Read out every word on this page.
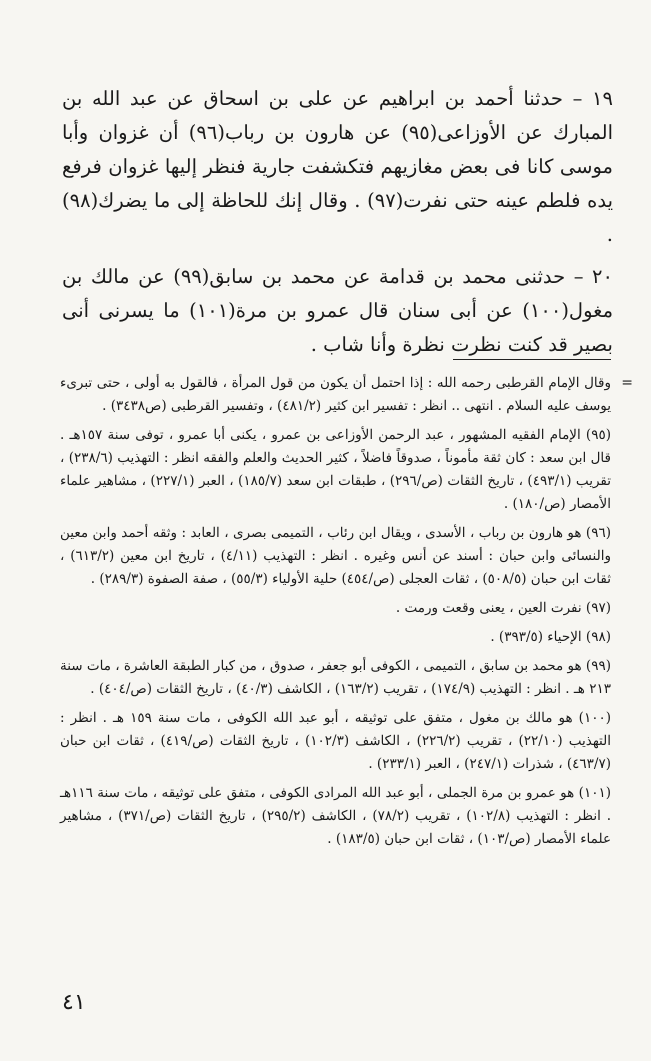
١٩ – حدثنا أحمد بن ابراهيم عن على بن اسحاق عن عبد الله بن المبارك عن الأوزاعى(٩٥) عن هارون بن رباب(٩٦) أن غزوان وأبا موسى كانا فى بعض مغازيهم فتكشفت جارية فنظر إليها غزوان فرفع يده فلطم عينه حتى نفرت(٩٧) . وقال إنك للحاظة إلى ما يضرك(٩٨) .

٢٠ – حدثنى محمد بن قدامة عن محمد بن سابق(٩٩) عن مالك بن مغول(١٠٠) عن أبى سنان قال عمرو بن مرة(١٠١) ما يسرنى أنى بصير قد كنت نظرت نظرة وأنا شاب .

=
وقال الإمام القرطبى رحمه الله : إذا احتمل أن يكون من قول المرأة ، فالقول به أولى ، حتى تبرىء يوسف عليه السلام . انتهى .. انظر : تفسير ابن كثير (٤٨١/٢) ، وتفسير القرطبى (ص٣٤٣٨) .

(٩٥) الإمام الفقيه المشهور ، عبد الرحمن الأوزاعى بن عمرو ، يكنى أبا عمرو ، توفى سنة ١٥٧هـ . قال ابن سعد : كان ثقة مأموناً ، صدوقاً فاضلاً ، كثير الحديث والعلم والفقه انظر : التهذيب (٢٣٨/٦) ، تقريب (٤٩٣/١) ، تاريخ الثقات (ص/٢٩٦) ، طبقات ابن سعد (١٨٥/٧) ، العبر (٢٢٧/١) ، مشاهير علماء الأمصار (ص/١٨٠) .

(٩٦) هو هارون بن رباب ، الأسدى ، ويقال ابن رئاب ، التميمى بصرى ، العابد : وثقه أحمد وابن معين والنسائى وابن حبان : أسند عن أنس وغيره . انظر : التهذيب (٤/١١) ، تاريخ ابن معين (٦١٣/٢) ، ثقات ابن حبان (٥٠٨/٥) ، ثقات العجلى (ص/٤٥٤) حلية الأولياء (٥٥/٣) ، صفة الصفوة (٢٨٩/٣) .

(٩٧) نفرت العين ، يعنى وقعت ورمت .

(٩٨) الإحياء (٣٩٣/٥) .

(٩٩) هو محمد بن سابق ، التميمى ، الكوفى أبو جعفر ، صدوق ، من كبار الطبقة العاشرة ، مات سنة ٢١٣ هـ . انظر : التهذيب (١٧٤/٩) ، تقريب (١٦٣/٢) ، الكاشف (٤٠/٣) ، تاريخ الثقات (ص/٤٠٤) .

(١٠٠) هو مالك بن مغول ، متفق على توثيقه ، أبو عبد الله الكوفى ، مات سنة ١٥٩ هـ . انظر : التهذيب (٢٢/١٠) ، تقريب (٢٢٦/٢) ، الكاشف (١٠٢/٣) ، تاريخ الثقات (ص/٤١٩) ، ثقات ابن حبان (٤٦٣/٧) ، شذرات (٢٤٧/١) ، العبر (٢٣٣/١) .

(١٠١) هو عمرو بن مرة الجملى ، أبو عبد الله المرادى الكوفى ، متفق على توثيقه ، مات سنة ١١٦هـ . انظر : التهذيب (١٠٢/٨) ، تقريب (٧٨/٢) ، الكاشف (٢٩٥/٢) ، تاريخ الثقات (ص/٣٧١) ، مشاهير علماء الأمصار (ص/١٠٣) ، ثقات ابن حبان (١٨٣/٥) .

٤١
